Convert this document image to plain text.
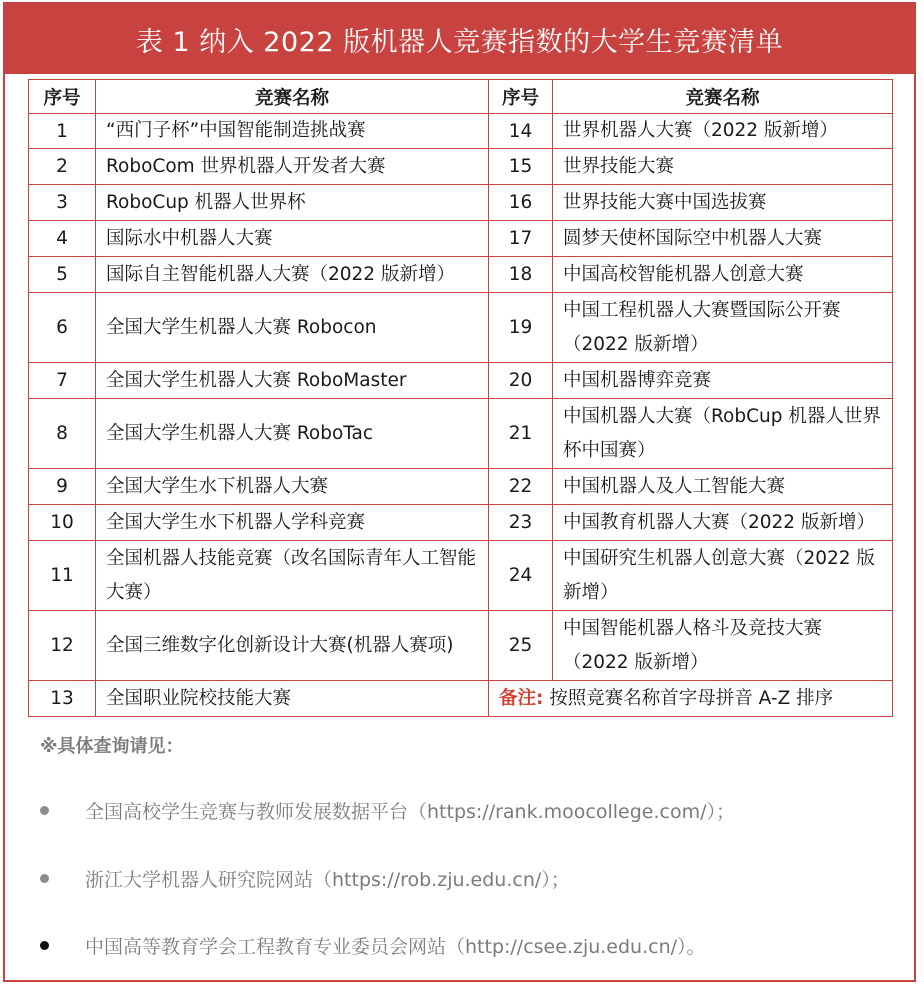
表 1 纳入 2022 版机器人竞赛指数的大学生竞赛清单
序号	竞赛名称	序号	竞赛名称
1	“西门子杯”中国智能制造挑战赛	14	世界机器人大赛（2022 版新增）
2	RoboCom 世界机器人开发者大赛	15	世界技能大赛
3	RoboCup 机器人世界杯	16	世界技能大赛中国选拔赛
4	国际水中机器人大赛	17	圆梦天使杯国际空中机器人大赛
5	国际自主智能机器人大赛（2022 版新增）	18	中国高校智能机器人创意大赛
6	全国大学生机器人大赛 Robocon	19	中国工程机器人大赛暨国际公开赛（2022 版新增）
7	全国大学生机器人大赛 RoboMaster	20	中国机器博弈竞赛
8	全国大学生机器人大赛 RoboTac	21	中国机器人大赛（RobCup 机器人世界杯中国赛）
9	全国大学生水下机器人大赛	22	中国机器人及人工智能大赛
10	全国大学生水下机器人学科竞赛	23	中国教育机器人大赛（2022 版新增）
11	全国机器人技能竞赛（改名国际青年人工智能大赛）	24	中国研究生机器人创意大赛（2022 版新增）
12	全国三维数字化创新设计大赛(机器人赛项)	25	中国智能机器人格斗及竞技大赛（2022 版新增）
13	全国职业院校技能大赛	备注: 按照竞赛名称首字母拼音 A-Z 排序	
※具体查询请见：
全国高校学生竞赛与教师发展数据平台（https://rank.moocollege.com/）；
浙江大学机器人研究院网站（https://rob.zju.edu.cn/）；
中国高等教育学会工程教育专业委员会网站（http://csee.zju.edu.cn/）。
